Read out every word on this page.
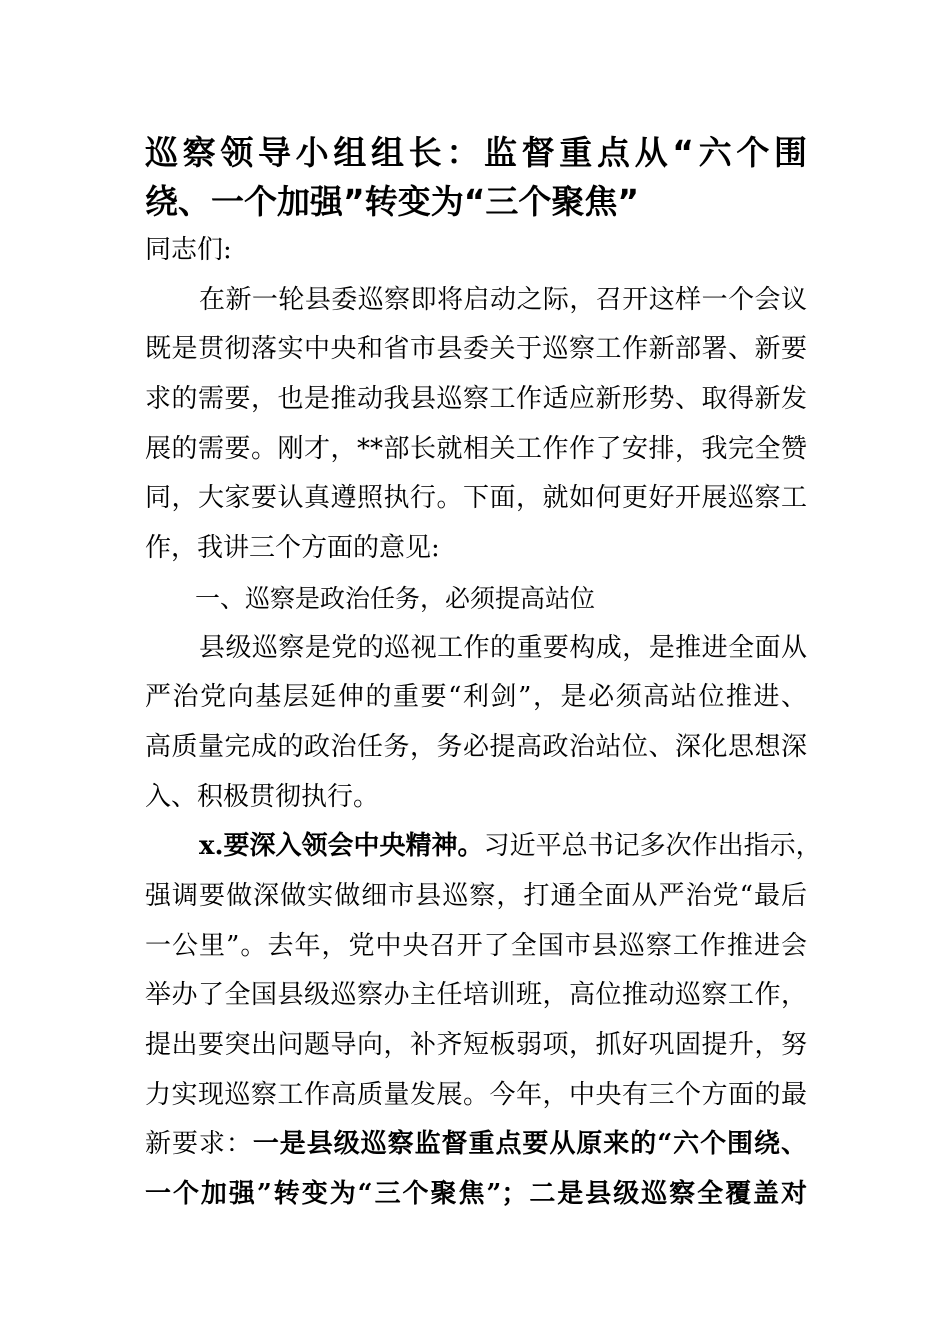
巡察领导小组组长：监督重点从“六个围
绕、一个加强”转变为“三个聚焦”
同志们:
在新一轮县委巡察即将启动之际，召开这样一个会议
既是贯彻落实中央和省市县委关于巡察工作新部署、新要
求的需要，也是推动我县巡察工作适应新形势、取得新发
展的需要。刚才，**部长就相关工作作了安排，我完全赞
同，大家要认真遵照执行。下面，就如何更好开展巡察工
作，我讲三个方面的意见:
一、巡察是政治任务，必须提高站位
县级巡察是党的巡视工作的重要构成，是推进全面从
严治党向基层延伸的重要“利剑”，是必须高站位推进、
高质量完成的政治任务，务必提高政治站位、深化思想深
入、积极贯彻执行。
x.要深入领会中央精神。习近平总书记多次作出指示，
强调要做深做实做细市县巡察，打通全面从严治党“最后
一公里”。去年，党中央召开了全国市县巡察工作推进会
举办了全国县级巡察办主任培训班，高位推动巡察工作，
提出要突出问题导向，补齐短板弱项，抓好巩固提升，努
力实现巡察工作高质量发展。今年，中央有三个方面的最
新要求：一是县级巡察监督重点要从原来的“六个围绕、
一个加强”转变为“三个聚焦”；二是县级巡察全覆盖对
